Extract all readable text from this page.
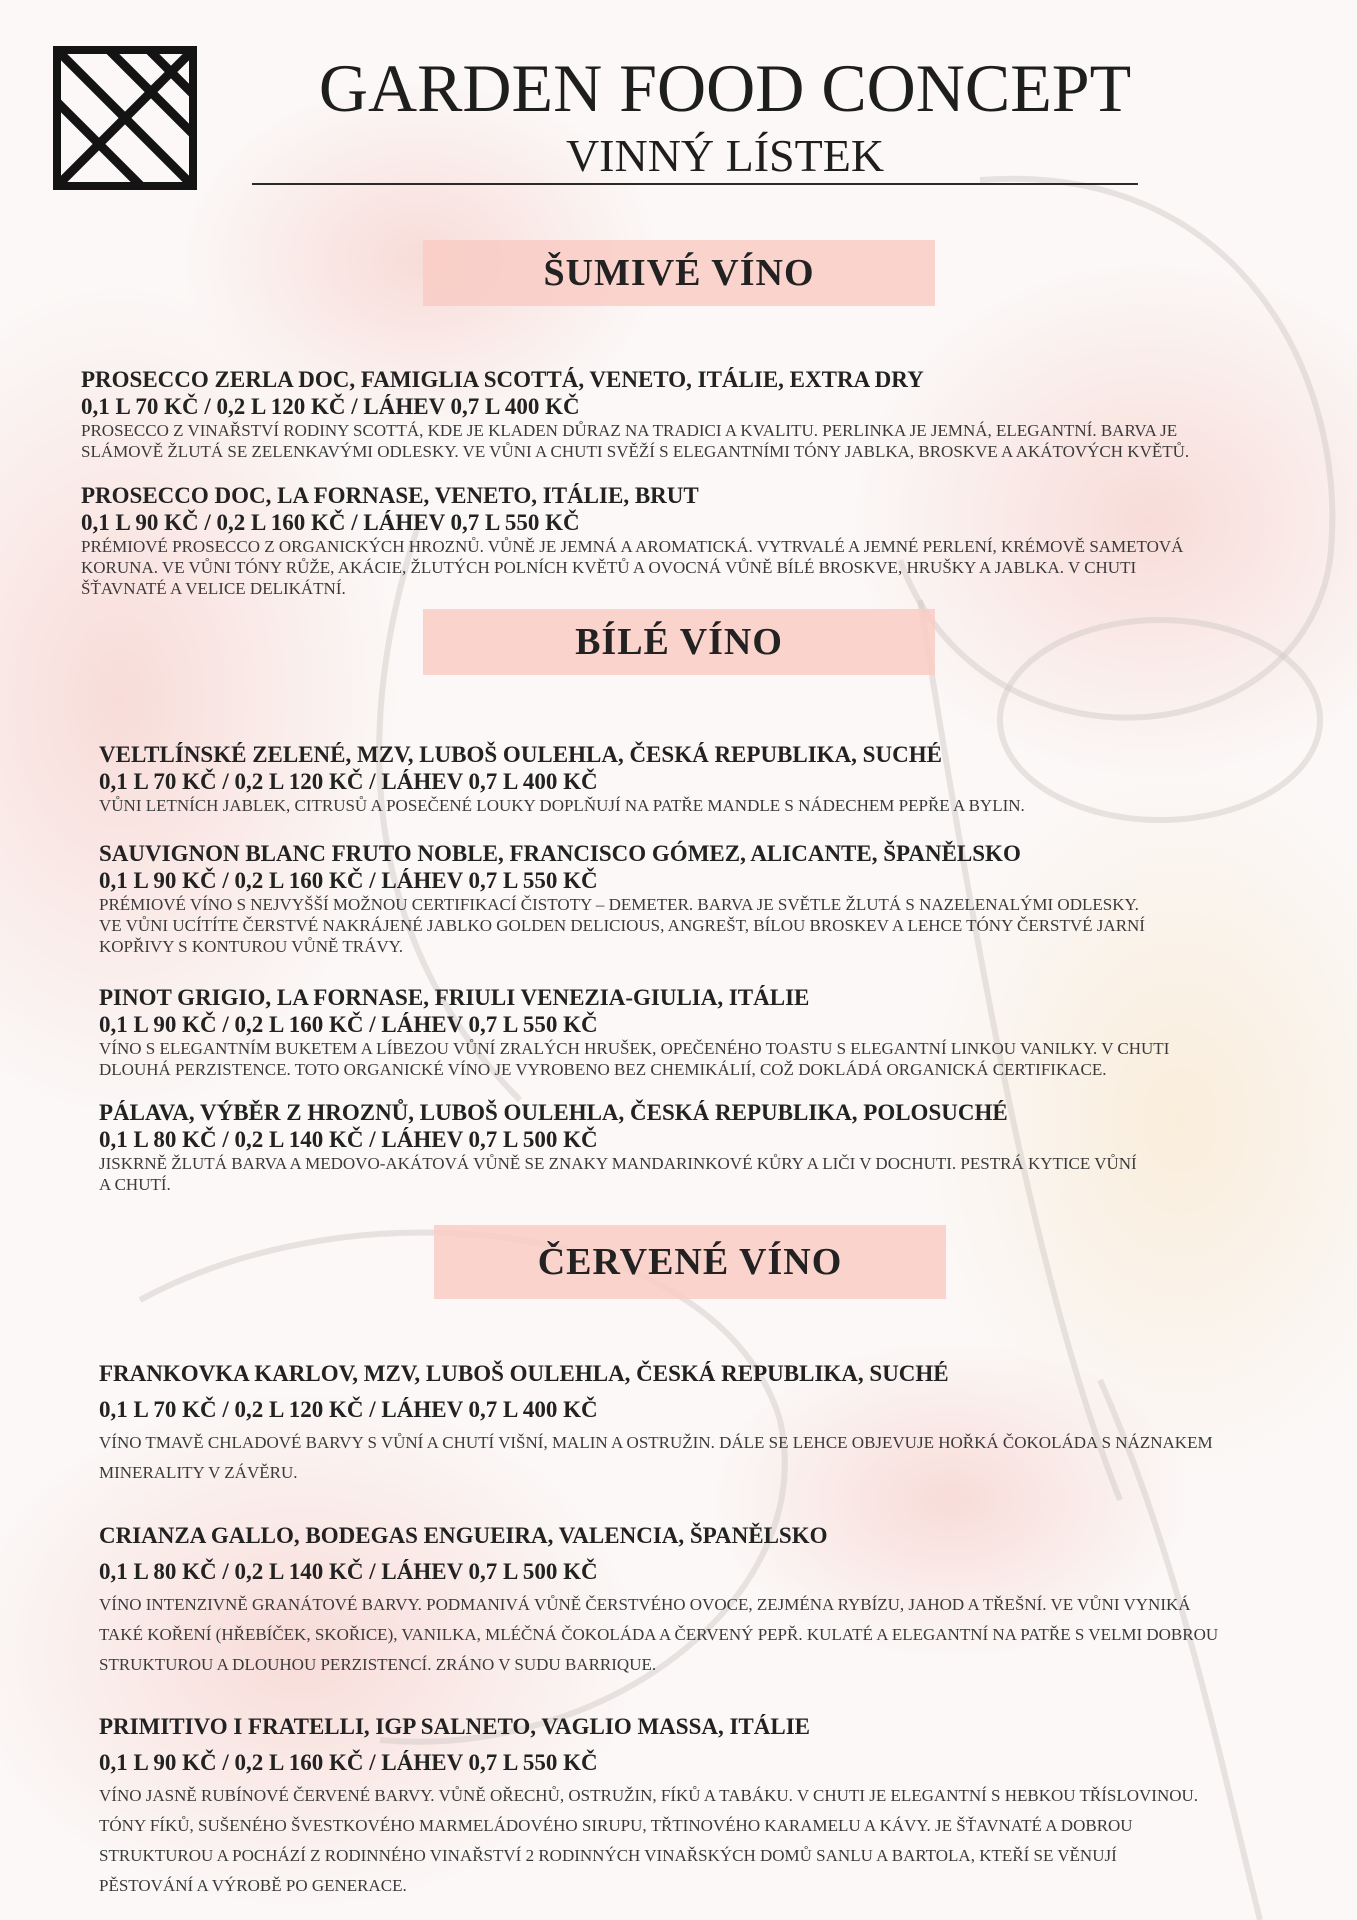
GARDEN FOOD CONCEPT
VINNÝ LÍSTEK
ŠUMIVÉ VÍNO
PROSECCO ZERLA DOC, FAMIGLIA SCOTTÁ, VENETO, ITÁLIE, EXTRA DRY
0,1 L 70 KČ / 0,2 L 120 KČ / LÁHEV 0,7 L 400 KČ
PROSECCO Z VINAŘSTVÍ RODINY SCOTTÁ, KDE JE KLADEN DŮRAZ NA TRADICI A KVALITU. PERLINKA JE JEMNÁ, ELEGANTNÍ. BARVA JE
SLÁMOVĚ ŽLUTÁ SE ZELENKAVÝMI ODLESKY. VE VŮNI A CHUTI SVĚŽÍ S ELEGANTNÍMI TÓNY JABLKA, BROSKVE A AKÁTOVÝCH KVĚTŮ.
PROSECCO DOC, LA FORNASE, VENETO, ITÁLIE, BRUT
0,1 L 90 KČ / 0,2 L 160 KČ / LÁHEV 0,7 L 550 KČ
PRÉMIOVÉ PROSECCO Z ORGANICKÝCH HROZNŮ. VŮNĚ JE JEMNÁ A AROMATICKÁ. VYTRVALÉ A JEMNÉ PERLENÍ, KRÉMOVĚ SAMETOVÁ
KORUNA. VE VŮNI TÓNY RŮŽE, AKÁCIE, ŽLUTÝCH POLNÍCH KVĚTŮ A OVOCNÁ VŮNĚ BÍLÉ BROSKVE, HRUŠKY A JABLKA. V CHUTI
ŠŤAVNATÉ A VELICE DELIKÁTNÍ.
BÍLÉ VÍNO
VELTLÍNSKÉ ZELENÉ, MZV, LUBOŠ OULEHLA, ČESKÁ REPUBLIKA, SUCHÉ
0,1 L 70 KČ / 0,2 L 120 KČ / LÁHEV 0,7 L 400 KČ
VŮNI LETNÍCH JABLEK, CITRUSŮ A POSEČENÉ LOUKY DOPLŇUJÍ NA PATŘE MANDLE S NÁDECHEM PEPŘE A BYLIN.
SAUVIGNON BLANC FRUTO NOBLE, FRANCISCO GÓMEZ, ALICANTE, ŠPANĚLSKO
0,1 L 90 KČ / 0,2 L 160 KČ / LÁHEV 0,7 L 550 KČ
PRÉMIOVÉ VÍNO S NEJVYŠŠÍ MOŽNOU CERTIFIKACÍ ČISTOTY – DEMETER. BARVA JE SVĚTLE ŽLUTÁ S NAZELENALÝMI ODLESKY.
VE VŮNI UCÍTÍTE ČERSTVÉ NAKRÁJENÉ JABLKO GOLDEN DELICIOUS, ANGREŠT, BÍLOU BROSKEV A LEHCE TÓNY ČERSTVÉ JARNÍ
KOPŘIVY S KONTUROU VŮNĚ TRÁVY.
PINOT GRIGIO, LA FORNASE, FRIULI VENEZIA-GIULIA, ITÁLIE
0,1 L 90 KČ / 0,2 L 160 KČ / LÁHEV 0,7 L 550 KČ
VÍNO S ELEGANTNÍM BUKETEM A LÍBEZOU VŮNÍ ZRALÝCH HRUŠEK, OPEČENÉHO TOASTU S ELEGANTNÍ LINKOU VANILKY. V CHUTI
DLOUHÁ PERZISTENCE. TOTO ORGANICKÉ VÍNO JE VYROBENO BEZ CHEMIKÁLIÍ, COŽ DOKLÁDÁ ORGANICKÁ CERTIFIKACE.
PÁLAVA, VÝBĚR Z HROZNŮ, LUBOŠ OULEHLA, ČESKÁ REPUBLIKA, POLOSUCHÉ
0,1 L 80 KČ / 0,2 L 140 KČ / LÁHEV 0,7 L 500 KČ
JISKRNĚ ŽLUTÁ BARVA A MEDOVO-AKÁTOVÁ VŮNĚ SE ZNAKY MANDARINKOVÉ KŮRY A LIČI V DOCHUTI. PESTRÁ KYTICE VŮNÍ
A CHUTÍ.
ČERVENÉ VÍNO
FRANKOVKA KARLOV, MZV, LUBOŠ OULEHLA, ČESKÁ REPUBLIKA, SUCHÉ
0,1 L 70 KČ / 0,2 L 120 KČ / LÁHEV 0,7 L 400 KČ
VÍNO TMAVĚ CHLADOVÉ BARVY S VŮNÍ A CHUTÍ VIŠNÍ, MALIN A OSTRUŽIN. DÁLE SE LEHCE OBJEVUJE HOŘKÁ ČOKOLÁDA S NÁZNAKEM
MINERALITY V ZÁVĚRU.
CRIANZA GALLO, BODEGAS ENGUEIRA, VALENCIA, ŠPANĚLSKO
0,1 L 80 KČ / 0,2 L 140 KČ / LÁHEV 0,7 L 500 KČ
VÍNO INTENZIVNĚ GRANÁTOVÉ BARVY. PODMANIVÁ VŮNĚ ČERSTVÉHO OVOCE, ZEJMÉNA RYBÍZU, JAHOD A TŘEŠNÍ. VE VŮNI VYNIKÁ
TAKÉ KOŘENÍ (HŘEBÍČEK, SKOŘICE), VANILKA, MLÉČNÁ ČOKOLÁDA A ČERVENÝ PEPŘ. KULATÉ A ELEGANTNÍ NA PATŘE S VELMI DOBROU
STRUKTUROU A DLOUHOU PERZISTENCÍ. ZRÁNO V SUDU BARRIQUE.
PRIMITIVO I FRATELLI, IGP SALNETO, VAGLIO MASSA, ITÁLIE
0,1 L 90 KČ / 0,2 L 160 KČ / LÁHEV 0,7 L 550 KČ
VÍNO JASNĚ RUBÍNOVÉ ČERVENÉ BARVY. VŮNĚ OŘECHŮ, OSTRUŽIN, FÍKŮ A TABÁKU. V CHUTI JE ELEGANTNÍ S HEBKOU TŘÍSLOVINOU.
TÓNY FÍKŮ, SUŠENÉHO ŠVESTKOVÉHO MARMELÁDOVÉHO SIRUPU, TŘTINOVÉHO KARAMELU A KÁVY. JE ŠŤAVNATÉ A DOBROU
STRUKTUROU A POCHÁZÍ Z RODINNÉHO VINAŘSTVÍ 2 RODINNÝCH VINAŘSKÝCH DOMŮ SANLU A BARTOLA, KTEŘÍ SE VĚNUJÍ
PĚSTOVÁNÍ A VÝROBĚ PO GENERACE.
